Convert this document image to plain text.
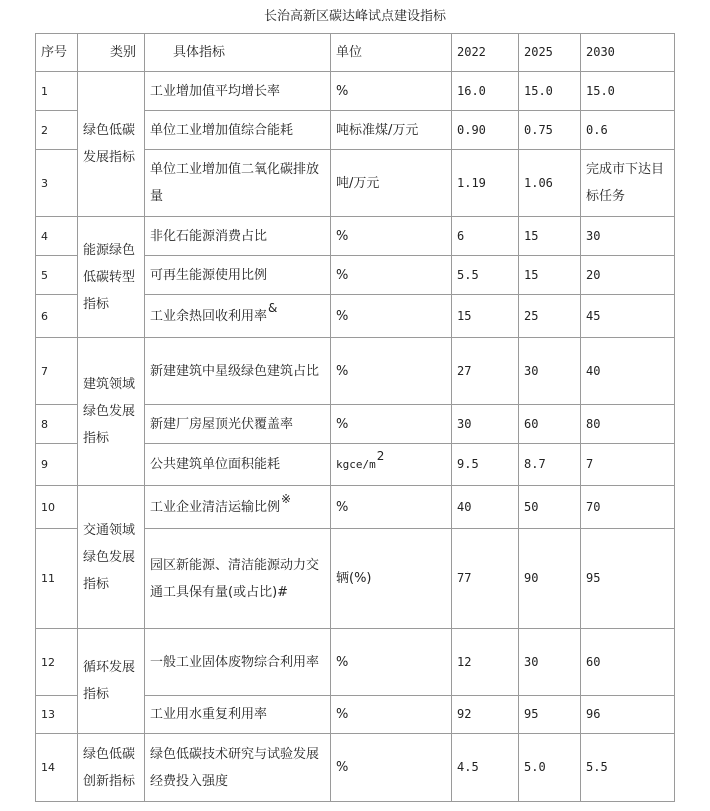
长治高新区碳达峰试点建设指标
序号	类别	具体指标	单位	2022	2025	2030
1	绿色低碳发展指标	工业增加值平均增长率	%	16.0	15.0	15.0
2		单位工业增加值综合能耗	吨标准煤/万元	0.90	0.75	0.6
3		单位工业增加值二氧化碳排放量	吨/万元	1.19	1.06	完成市下达目标任务
4	能源绿色低碳转型指标	非化石能源消费占比	%	6	15	30
5		可再生能源使用比例	%	5.5	15	20
6		工业余热回收利用率&	%	15	25	45
7	建筑领域绿色发展指标	新建建筑中星级绿色建筑占比	%	27	30	40
8		新建厂房屋顶光伏覆盖率	%	30	60	80
9		公共建筑单位面积能耗	kgce/m2	9.5	8.7	7
10	交通领域绿色发展指标	工业企业清洁运输比例※	%	40	50	70
11		园区新能源、清洁能源动力交通工具保有量(或占比)#	辆(%)	77	90	95
12	循环发展指标	一般工业固体废物综合利用率	%	12	30	60
13		工业用水重复利用率	%	92	95	96
14	绿色低碳创新指标	绿色低碳技术研究与试验发展经费投入强度	%	4.5	5.0	5.5
